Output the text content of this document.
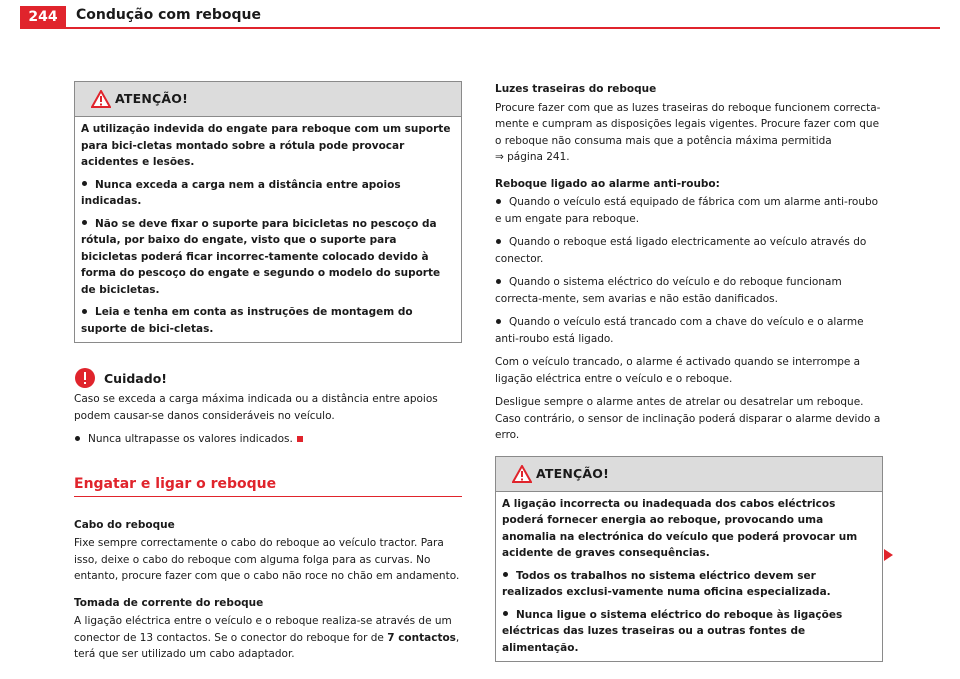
244	Condução com reboque
ATENÇÃO!

A utilização indevida do engate para reboque com um suporte para bici-cletas montado sobre a rótula pode provocar acidentes e lesões.

Nunca exceda a carga nem a distância entre apoios indicadas.

Não se deve fixar o suporte para bicicletas no pescoço da rótula, por baixo do engate, visto que o suporte para bicicletas poderá ficar incorrec-tamente colocado devido à forma do pescoço do engate e segundo o modelo do suporte de bicicletas.

Leia e tenha em conta as instruções de montagem do suporte de bici-cletas.

Cuidado!

Caso se exceda a carga máxima indicada ou a distância entre apoios podem causar-se danos consideráveis no veículo.

Nunca ultrapasse os valores indicados.

Engatar e ligar o reboque
Cabo do reboque

Fixe sempre correctamente o cabo do reboque ao veículo tractor. Para isso, deixe o cabo do reboque com alguma folga para as curvas. No entanto, procure fazer com que o cabo não roce no chão em andamento.

Tomada de corrente do reboque

A ligação eléctrica entre o veículo e o reboque realiza-se através de um conector de 13 contactos. Se o conector do reboque for de 7 contactos, terá que ser utilizado um cabo adaptador.

Luzes traseiras do reboque

Procure fazer com que as luzes traseiras do reboque funcionem correcta-mente e cumpram as disposições legais vigentes. Procure fazer com que o reboque não consuma mais que a potência máxima permitida
⇒ página 241.

Reboque ligado ao alarme anti-roubo:

Quando o veículo está equipado de fábrica com um alarme anti-roubo e um engate para reboque.

Quando o reboque está ligado electricamente ao veículo através do conector.

Quando o sistema eléctrico do veículo e do reboque funcionam correcta-mente, sem avarias e não estão danificados.

Quando o veículo está trancado com a chave do veículo e o alarme anti-roubo está ligado.

Com o veículo trancado, o alarme é activado quando se interrompe a ligação eléctrica entre o veículo e o reboque.

Desligue sempre o alarme antes de atrelar ou desatrelar um reboque. Caso contrário, o sensor de inclinação poderá disparar o alarme devido a erro.

ATENÇÃO!

A ligação incorrecta ou inadequada dos cabos eléctricos poderá fornecer energia ao reboque, provocando uma anomalia na electrónica do veículo que poderá provocar um acidente de graves consequências.

Todos os trabalhos no sistema eléctrico devem ser realizados exclusi-vamente numa oficina especializada.

Nunca ligue o sistema eléctrico do reboque às ligações eléctricas das luzes traseiras ou a outras fontes de alimentação.
